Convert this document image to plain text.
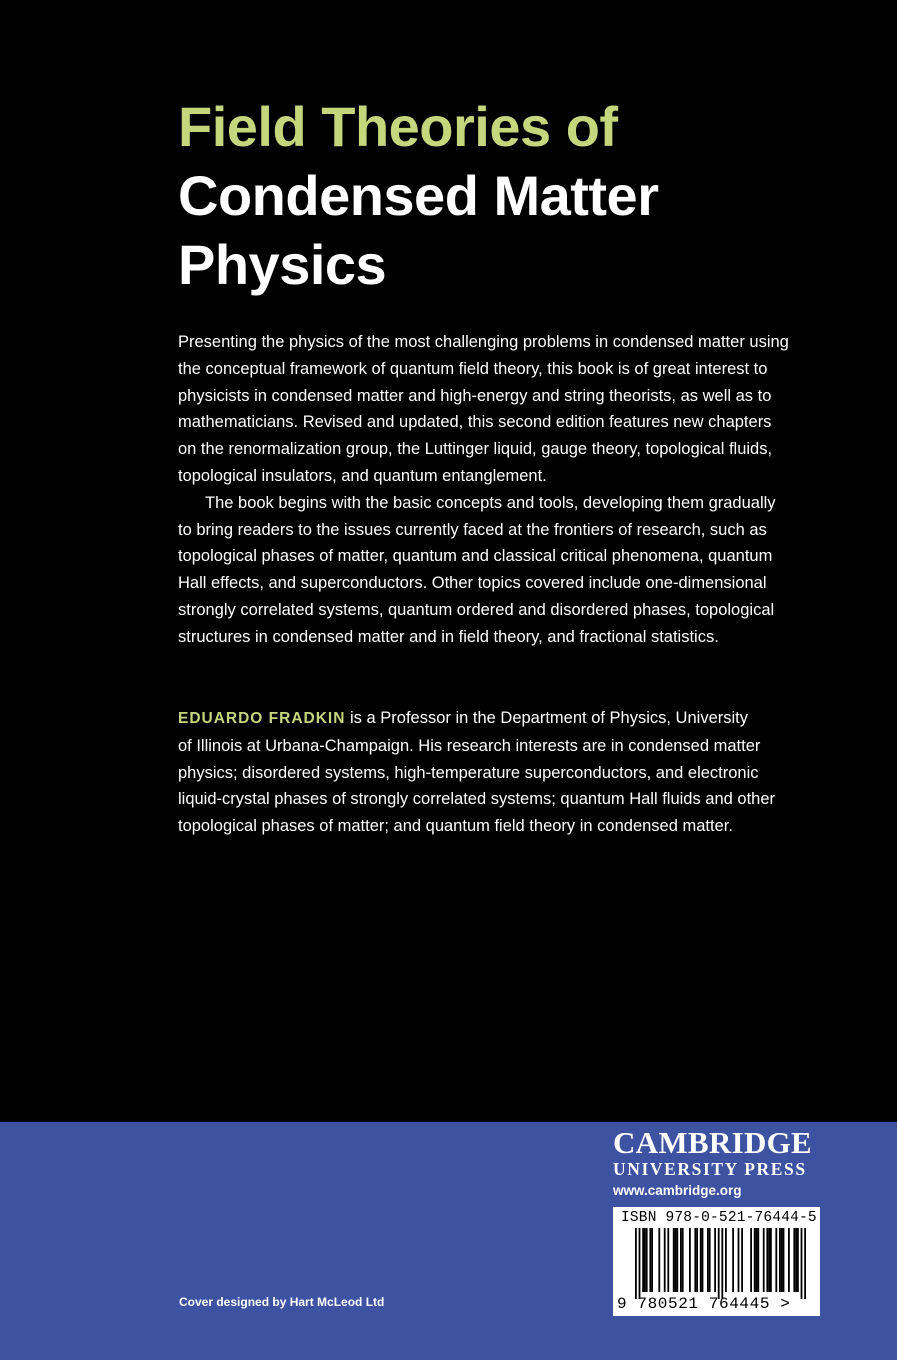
Field Theories of
Condensed Matter
Physics

Presenting the physics of the most challenging problems in condensed matter using
the conceptual framework of quantum field theory, this book is of great interest to
physicists in condensed matter and high-energy and string theorists, as well as to
mathematicians. Revised and updated, this second edition features new chapters
on the renormalization group, the Luttinger liquid, gauge theory, topological fluids,
topological insulators, and quantum entanglement.

The book begins with the basic concepts and tools, developing them gradually
to bring readers to the issues currently faced at the frontiers of research, such as
topological phases of matter, quantum and classical critical phenomena, quantum
Hall effects, and superconductors. Other topics covered include one-dimensional
strongly correlated systems, quantum ordered and disordered phases, topological
structures in condensed matter and in field theory, and fractional statistics.

EDUARDO FRADKIN is a Professor in the Department of Physics, University
of Illinois at Urbana-Champaign. His research interests are in condensed matter
physics; disordered systems, high-temperature superconductors, and electronic
liquid-crystal phases of strongly correlated systems; quantum Hall fluids and other
topological phases of matter; and quantum field theory in condensed matter.

Cover designed by Hart McLeod Ltd
CAMBRIDGE
UNIVERSITY PRESS
www.cambridge.org
ISBN 978-0-521-76444-5
9 780521 764445 >
